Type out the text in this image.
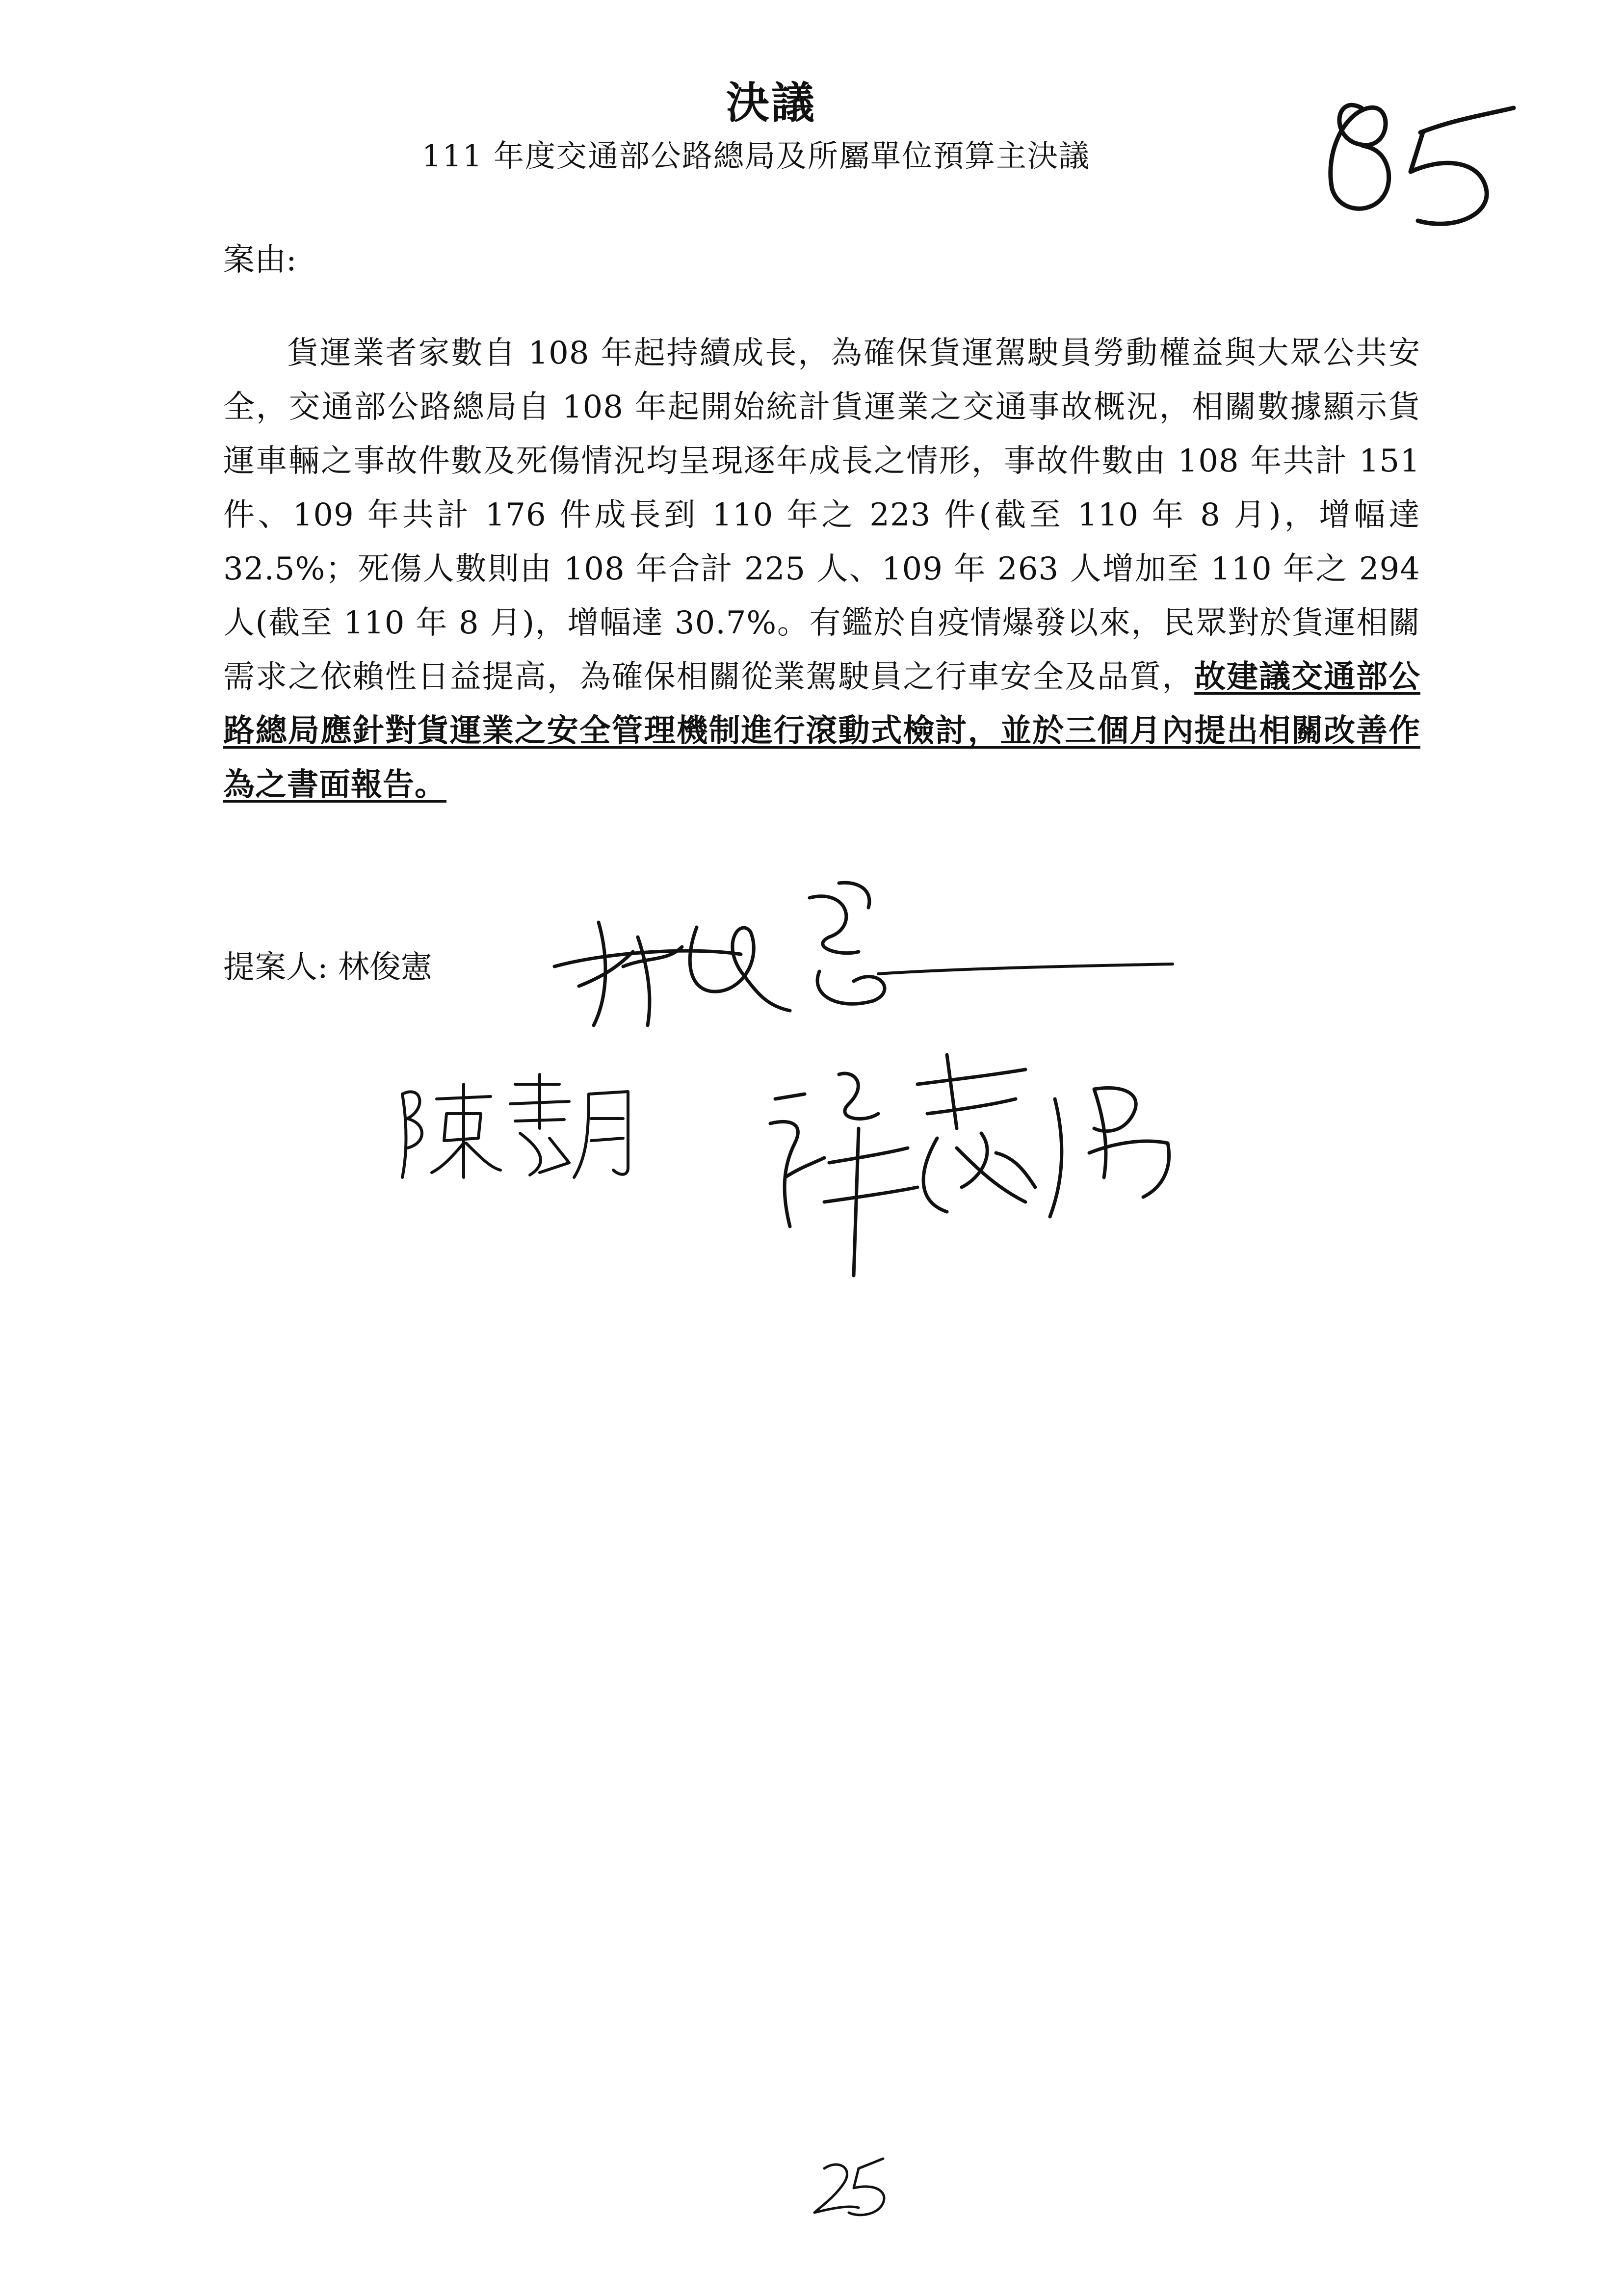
決議
111 年度交通部公路總局及所屬單位預算主決議
案由:
貨運業者家數自 108 年起持續成長，為確保貨運駕駛員勞動權益與大眾公共安全，交通部公路總局自 108 年起開始統計貨運業之交通事故概況，相關數據顯示貨運車輛之事故件數及死傷情況均呈現逐年成長之情形，事故件數由 108 年共計 151 件、109 年共計 176 件成長到 110 年之 223 件(截至 110 年 8 月)，增幅達 32.5%；死傷人數則由 108 年合計 225 人、109 年 263 人增加至 110 年之 294 人(截至 110 年 8 月)，增幅達 30.7%。有鑑於自疫情爆發以來，民眾對於貨運相關需求之依賴性日益提高，為確保相關從業駕駛員之行車安全及品質，故建議交通部公路總局應針對貨運業之安全管理機制進行滾動式檢討，並於三個月內提出相關改善作為之書面報告。
提案人: 林俊憲
